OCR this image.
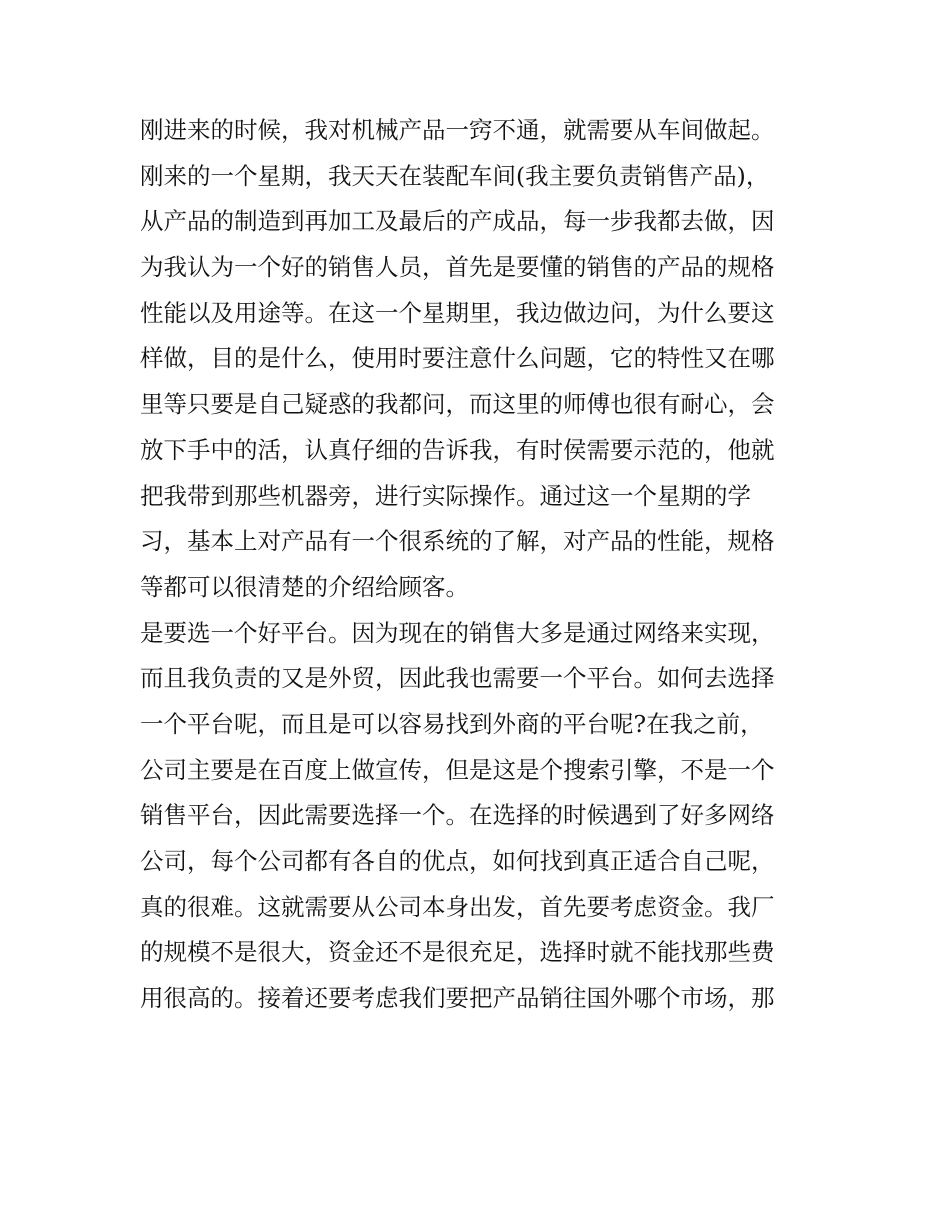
刚进来的时候，我对机械产品一窍不通，就需要从车间做起。
刚来的一个星期，我天天在装配车间(我主要负责销售产品)，
从产品的制造到再加工及最后的产成品，每一步我都去做，因
为我认为一个好的销售人员，首先是要懂的销售的产品的规格
性能以及用途等。在这一个星期里，我边做边问，为什么要这
样做，目的是什么，使用时要注意什么问题，它的特性又在哪
里等只要是自己疑惑的我都问，而这里的师傅也很有耐心，会
放下手中的活，认真仔细的告诉我，有时侯需要示范的，他就
把我带到那些机器旁，进行实际操作。通过这一个星期的学
习，基本上对产品有一个很系统的了解，对产品的性能，规格
等都可以很清楚的介绍给顾客。
是要选一个好平台。因为现在的销售大多是通过网络来实现，
而且我负责的又是外贸，因此我也需要一个平台。如何去选择
一个平台呢，而且是可以容易找到外商的平台呢?在我之前，
公司主要是在百度上做宣传，但是这是个搜索引擎，不是一个
销售平台，因此需要选择一个。在选择的时候遇到了好多网络
公司，每个公司都有各自的优点，如何找到真正适合自己呢，
真的很难。这就需要从公司本身出发，首先要考虑资金。我厂
的规模不是很大，资金还不是很充足，选择时就不能找那些费
用很高的。接着还要考虑我们要把产品销往国外哪个市场，那
